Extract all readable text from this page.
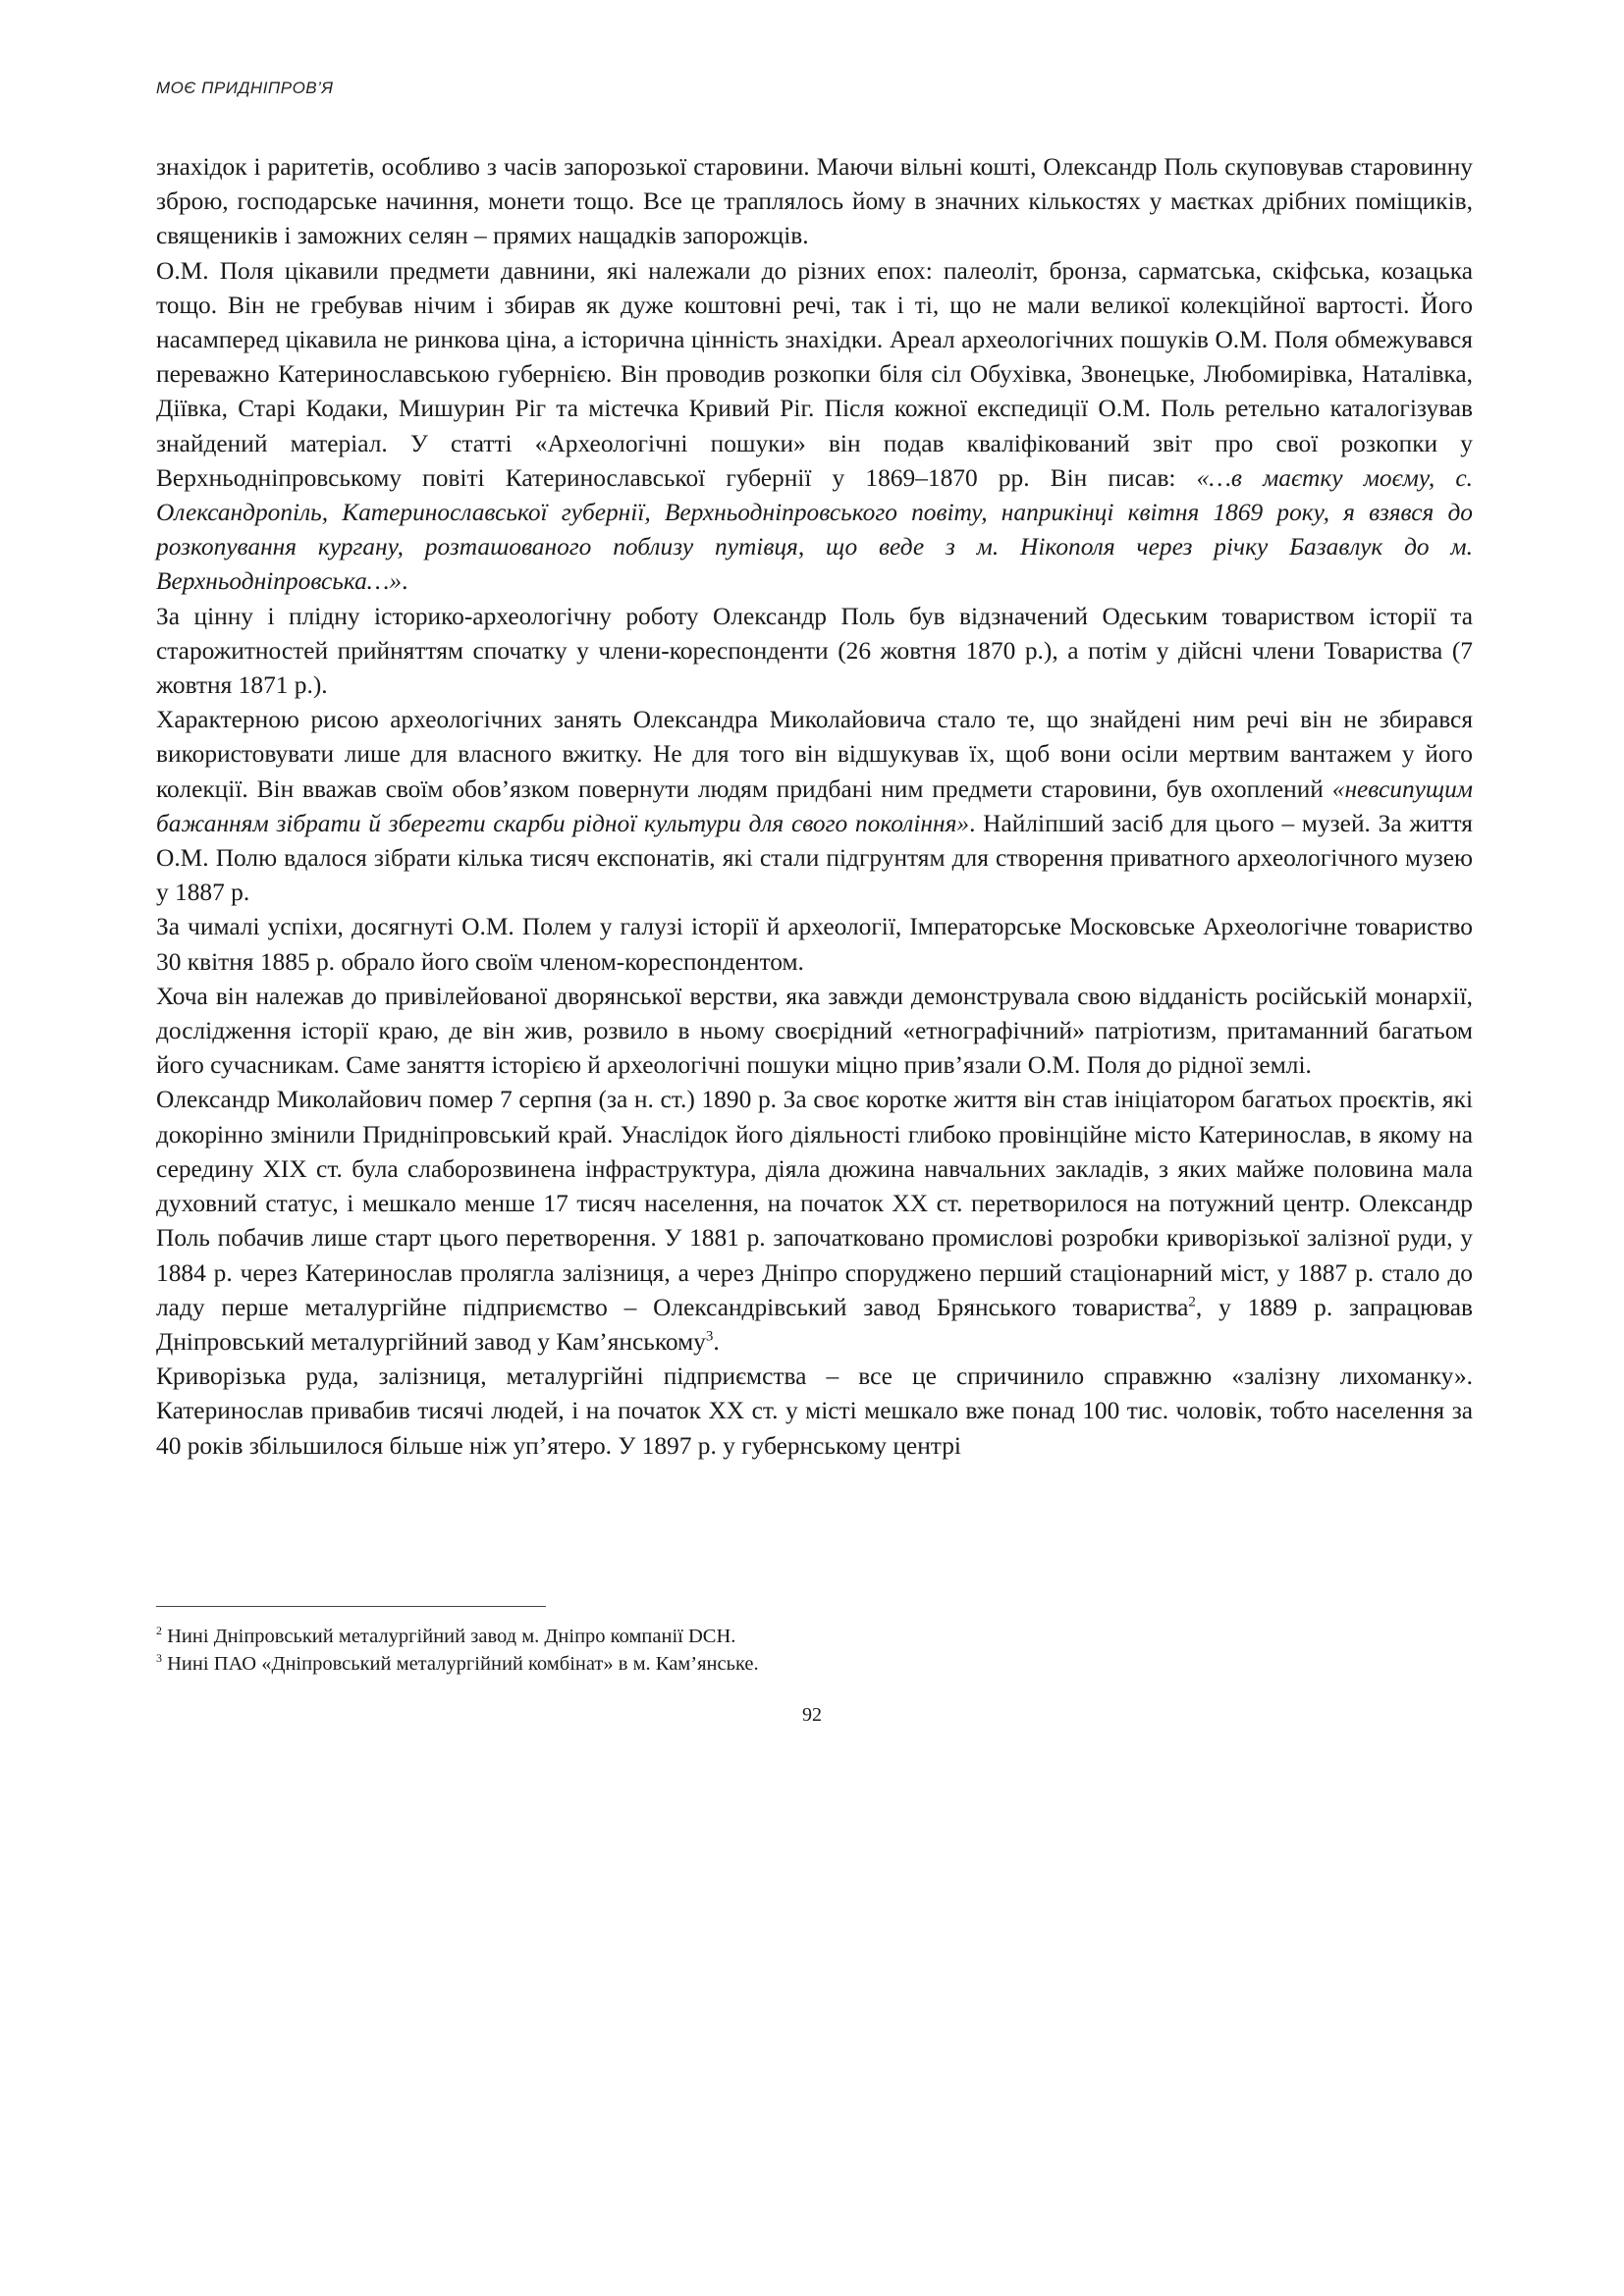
МОЄ ПРИДНІПРОВ’Я

знахідок і раритетів, особливо з часів запорозької старовини. Маючи вільні кошті, Олександр Поль скуповував старовинну зброю, господарське начиння, монети тощо. Все це траплялось йому в значних кількостях у маєтках дрібних поміщиків, священиків і заможних селян – прямих нащадків запорожців.

О.М. Поля цікавили предмети давнини, які належали до різних епох: палеоліт, бронза, сарматська, скіфська, козацька тощо. Він не гребував нічим і збирав як дуже коштовні речі, так і ті, що не мали великої колекційної вартості. Його насамперед цікавила не ринкова ціна, а історична цінність знахідки. Ареал археологічних пошуків О.М. Поля обмежувався переважно Катеринославською губернією. Він проводив розкопки біля сіл Обухівка, Звонецьке, Любомирівка, Наталівка, Діївка, Старі Кодаки, Мишурин Ріг та містечка Кривий Ріг. Після кожної експедиції О.М. Поль ретельно каталогізував знайдений матеріал. У статті «Археологічні пошуки» він подав кваліфікований звіт про свої розкопки у Верхньодніпровському повіті Катеринославської губернії у 1869–1870 рр. Він писав: «…в маєтку моєму, с. Олександропіль, Катеринославської губернії, Верхньодніпровського повіту, наприкінці квітня 1869 року, я взявся до розкопування кургану, розташованого поблизу путівця, що веде з м. Нікополя через річку Базавлук до м. Верхньодніпровська…».

За цінну і плідну історико-археологічну роботу Олександр Поль був відзначений Одеським товариством історії та старожитностей прийняттям спочатку у члени-кореспонденти (26 жовтня 1870 р.), а потім у дійсні члени Товариства (7 жовтня 1871 р.).

Характерною рисою археологічних занять Олександра Миколайовича стало те, що знайдені ним речі він не збирався використовувати лише для власного вжитку. Не для того він відшукував їх, щоб вони осіли мертвим вантажем у його колекції. Він вважав своїм обов’язком повернути людям придбані ним предмети старовини, був охоплений «невсипущим бажанням зібрати й зберегти скарби рідної культури для свого покоління». Найліпший засіб для цього – музей. За життя О.М. Полю вдалося зібрати кілька тисяч експонатів, які стали підгрунтям для створення приватного археологічного музею у 1887 р.

За чималі успіхи, досягнуті О.М. Полем у галузі історії й археології, Імператорське Московське Археологічне товариство 30 квітня 1885 р. обрало його своїм членом-кореспондентом.

Хоча він належав до привілейованої дворянської верстви, яка завжди демонструвала свою відданість російській монархії, дослідження історії краю, де він жив, розвило в ньому своєрідний «етнографічний» патріотизм, притаманний багатьом його сучасникам. Саме заняття історією й археологічні пошуки міцно прив’язали О.М. Поля до рідної землі.

Олександр Миколайович помер 7 серпня (за н. ст.) 1890 р. За своє коротке життя він став ініціатором багатьох проєктів, які докорінно змінили Придніпровський край. Унаслідок його діяльності глибоко провінційне місто Катеринослав, в якому на середину XIX ст. була слаборозвинена інфраструктура, діяла дюжина навчальних закладів, з яких майже половина мала духовний статус, і мешкало менше 17 тисяч населення, на початок XX ст. перетворилося на потужний центр. Олександр Поль побачив лише старт цього перетворення. У 1881 р. започатковано промислові розробки криворізької залізної руди, у 1884 р. через Катеринослав пролягла залізниця, а через Дніпро споруджено перший стаціонарний міст, у 1887 р. стало до ладу перше металургійне підприємство – Олександрівський завод Брянського товариства$^2$, у 1889 р. запрацював Дніпровський металургійний завод у Кам’янському$^3$.

Криворізька руда, залізниця, металургійні підприємства – все це спричинило справжню «залізну лихоманку». Катеринослав привабив тисячі людей, і на початок XX ст. у місті мешкало вже понад 100 тис. чоловік, тобто населення за 40 років збільшилося більше ніж уп’ятеро. У 1897 р. у губернському центрі

$^2$ Нині Дніпровський металургійний завод м. Дніпро компанії DCH.

$^3$ Нині ПАО «Дніпровський металургійний комбінат» в м. Кам’янське.

92
